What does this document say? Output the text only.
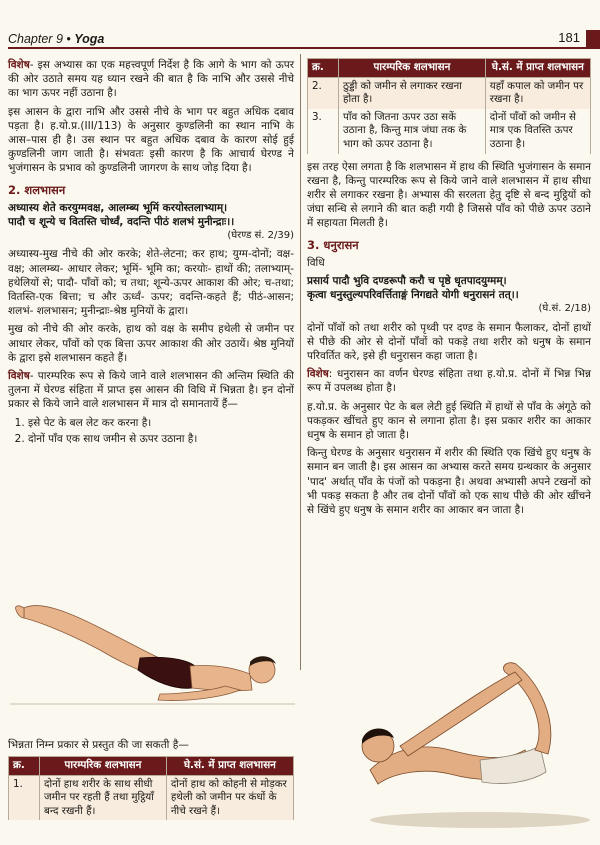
Chapter 9 • Yoga	181

विशेष- इस अभ्यास का एक महत्त्वपूर्ण निर्देश है कि आगे के भाग को ऊपर की ओर उठाते समय यह ध्यान रखने की बात है कि नाभि और उससे नीचे का भाग ऊपर नहीं उठाना है।

इस आसन के द्वारा नाभि और उससे नीचे के भाग पर बहुत अधिक दबाव पड़ता है। ह.यो.प्र.(III/113) के अनुसार कुण्डलिनी का स्थान नाभि के आस–पास ही है। उस स्थान पर बहुत अधिक दबाव के कारण सोई हुई कुण्डलिनी जाग जाती है। संभवतः इसी कारण है कि आचार्य घेरण्ड ने भुजंगासन के प्रभाव को कुण्डलिनी जागरण के साथ जोड़ दिया है।

2. शलभासन

अध्यास्य शेते करयुग्मवक्ष, आलम्ब्य भूमिं करयोस्तलाभ्याम्।

पादौ च शून्ये च वितस्ति चोर्ध्वं, वदन्ति पीठं शलभं मुनीन्द्राः।।

(घेरण्ड सं. 2/39)

अध्यास्य-मुख नीचे की ओर करके; शेते-लेटना; कर हाथ; युग्म-दोनों; वक्ष-वक्ष; आलम्ब्य- आधार लेकर; भूमिं- भूमि का; करयोः- हाथों की; तलाभ्याम्- हथेलियों से; पादौ- पाँवों को; च तथा; शून्ये-ऊपर आकाश की ओर; च-तथा; वितस्ति-एक बित्ता; च और ऊर्ध्वं- ऊपर; वदन्ति-कहते हैं; पीठं-आसन; शलभं- शलभासन; मुनीन्द्राः-श्रेष्ठ मुनियों के द्वारा।

मुख को नीचे की ओर करके, हाथ को वक्ष के समीप हथेली से जमीन पर आधार लेकर, पाँवों को एक बित्ता ऊपर आकाश की ओर उठायें। श्रेष्ठ मुनियों के द्वारा इसे शलभासन कहते हैं।

विशेष- पारम्परिक रूप से किये जाने वाले शलभासन की अन्तिम स्थिति की तुलना में घेरण्ड संहिता में प्राप्त इस आसन की विधि में भिन्नता है। इन दोनों प्रकार से किये जाने वाले शलभासन में मात्र दो समानतायें हैं—

1. इसे पेट के बल लेट कर करना है।
2. दोनों पाँव एक साथ जमीन से ऊपर उठाना है।

भिन्नता निम्न प्रकार से प्रस्तुत की जा सकती है—

क्र.	पारम्परिक शलभासन	घे.सं. में प्राप्त शलभासन
1.	दोनों हाथ शरीर के साथ सीधी जमीन पर रहती हैं तथा मुट्ठियाँ बन्द रखनी हैं।	दोनों हाथ को कोहनी से मोड़कर हथेली को जमीन पर कंधों के नीचे रखने हैं।
क्र.	पारम्परिक शलभासन	घे.सं. में प्राप्त शलभासन
2.	ठुड्डी को जमीन से लगाकर रखना होता है।	यहाँ कपाल को जमीन पर रखना है।
3.	पाँव को जितना ऊपर उठा सकें उठाना है, किन्तु मात्र जंघा तक के भाग को ऊपर उठाना है।	दोनों पाँवों को जमीन से मात्र एक वितस्ति ऊपर उठाना है।

इस तरह ऐसा लगता है कि शलभासन में हाथ की स्थिति भुजंगासन के समान रखना है, किन्तु पारम्परिक रूप से किये जाने वाले शलभासन में हाथ सीधा शरीर से लगाकर रखना है। अभ्यास की सरलता हेतु दृष्टि से बन्द मुट्ठियों को जंघा सन्धि से लगाने की बात कही गयी है जिससे पाँव को पीछे ऊपर उठाने में सहायता मिलती है।

3. धनुरासन

विधि

प्रसार्य पादौ भुवि दण्डरूपौ करौ च पृष्ठे धृतपादयुग्मम्।

कृत्वा धनुस्तुल्यपरिवर्त्तिताङ्गं निगद्यते योगी धनुरासनं तत्।।

(घे.सं. 2/18)

दोनों पाँवों को तथा शरीर को पृथ्वी पर दण्ड के समान फैलाकर, दोनों हाथों से पीछे की ओर से दोनों पाँवों को पकड़े तथा शरीर को धनुष के समान परिवर्तित करे, इसे ही धनुरासन कहा जाता है।

विशेष: धनुरासन का वर्णन घेरण्ड संहिता तथा ह.यो.प्र. दोनों में भिन्न भिन्न रूप में उपलब्ध होता है।

ह.यो.प्र. के अनुसार पेट के बल लेटी हुई स्थिति में हाथों से पाँव के अंगूठे को पकड़कर खींचते हुए कान से लगाना होता है। इस प्रकार शरीर का आकार धनुष के समान हो जाता है।

किन्तु घेरण्ड के अनुसार धनुरासन में शरीर की स्थिति एक खिंचे हुए धनुष के समान बन जाती है। इस आसन का अभ्यास करते समय ग्रन्थकार के अनुसार 'पाद' अर्थात् पाँव के पंजों को पकड़ना है। अथवा अभ्यासी अपने टखनों को भी पकड़ सकता है और तब दोनों पाँवों को एक साथ पीछे की ओर खींचने से खिंचे हुए धनुष के समान शरीर का आकार बन जाता है।
